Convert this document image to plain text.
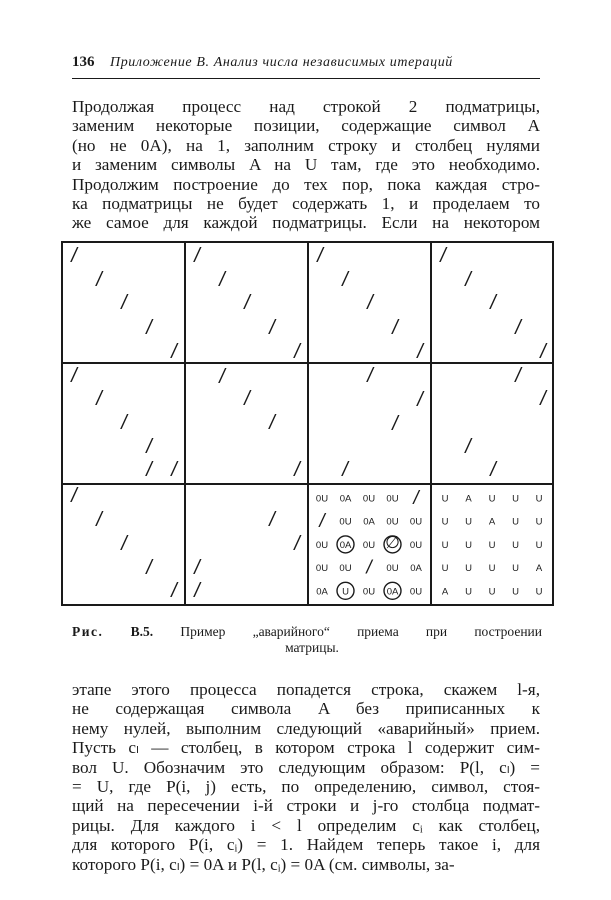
136 Приложение B. Анализ числа независимых итераций
Продолжая процесс над строкой 2 подматрицы,
заменим некоторые позиции, содержащие символ A
(но не 0A), на 1, заполним строку и столбец нулями
и заменим символы A на U там, где это необходимо.
Продолжим построение до тех пор, пока каждая стро-
ка подматрицы не будет содержать 1, и проделаем то
же самое для каждой подматрицы. Если на некотором
/
/
/
/
/
/
/
/
/
/
/
/
/
/
/
/
/
/
/
/
/
/
/
/
/
/
/
/
/
/
/
/
/
/
/
/
/
/
/
/
/
/
/
/
/
/
/
0U 0A 0U 0U /
/ 0U 0A 0U 0U
0U 0A 0U ∅ 0U
0U 0U / 0U 0A
0A U 0U 0A 0U
U A U U U
U U A U U
U U U U U
U U U U A
A U U U U
Рис. В.5. Пример „аварийного“ приема при построении
матрицы.
этапе этого процесса попадется строка, скажем l-я,
не содержащая символа A без приписанных к
нему нулей, выполним следующий «аварийный» прием.
Пусть cₗ — столбец, в котором строка l содержит сим-
вол U. Обозначим это следующим образом: P(l, cₗ) =
= U, где P(i, j) есть, по определению, символ, стоя-
щий на пересечении i-й строки и j-го столбца подмат-
рицы. Для каждого i < l определим cᵢ как столбец,
для которого P(i, cᵢ) = 1. Найдем теперь такое i, для
которого P(i, cₗ) = 0A и P(l, cᵢ) = 0A (см. символы, за-
